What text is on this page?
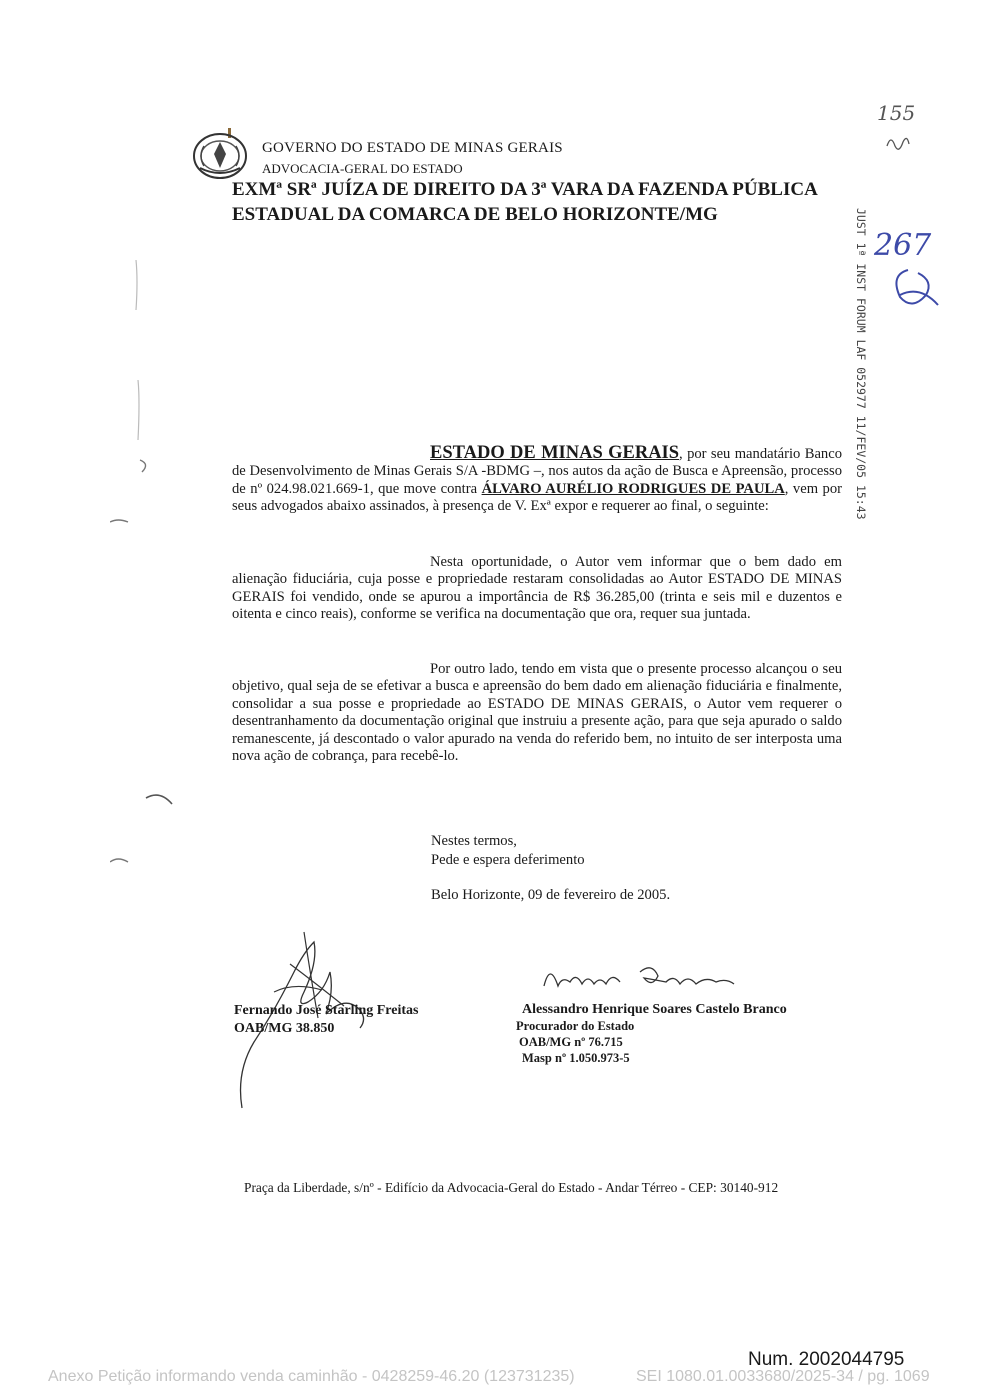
GOVERNO DO ESTADO DE MINAS GERAIS
ADVOCACIA-GERAL DO ESTADO
EXMª SRª JUÍZA DE DIREITO DA 3ª VARA DA FAZENDA PÚBLICA
ESTADUAL DA COMARCA DE BELO HORIZONTE/MG	JUST 1ª INST FORUM LAF 052977 11/FEV/05 15:43
155
267
ESTADO DE MINAS GERAIS, por seu mandatário Banco de Desenvolvimento de Minas Gerais S/A -BDMG –, nos autos da ação de Busca e Apreensão, processo de nº 024.98.021.669-1, que move contra ÁLVARO AURÉLIO RODRIGUES DE PAULA, vem por seus advogados abaixo assinados, à presença de V. Exª expor e requerer ao final, o seguinte:
Nesta oportunidade, o Autor vem informar que o bem dado em alienação fiduciária, cuja posse e propriedade restaram consolidadas ao Autor ESTADO DE MINAS GERAIS foi vendido, onde se apurou a importância de R$ 36.285,00 (trinta e seis mil e duzentos e oitenta e cinco reais), conforme se verifica na documentação que ora, requer sua juntada.
Por outro lado, tendo em vista que o presente processo alcançou o seu objetivo, qual seja de se efetivar a busca e apreensão do bem dado em alienação fiduciária e finalmente, consolidar a sua posse e propriedade ao ESTADO DE MINAS GERAIS, o Autor vem requerer o desentranhamento da documentação original que instruiu a presente ação, para que seja apurado o saldo remanescente, já descontado o valor apurado na venda do referido bem, no intuito de ser interposta uma nova ação de cobrança, para recebê-lo.
Nestes termos,
Pede e espera deferimento
Belo Horizonte, 09 de fevereiro de 2005.
Fernando José Starling Freitas
OAB/MG 38.850
Alessandro Henrique Soares Castelo Branco
Procurador do Estado
OAB/MG nº 76.715
Masp nº 1.050.973-5
Praça da Liberdade, s/nº - Edifício da Advocacia-Geral do Estado - Andar Térreo - CEP: 30140-912
Num. 2002044795
Anexo Petição informando venda caminhão - 0428259-46.20 (123731235)	SEI 1080.01.0033680/2025-34 / pg. 1069
